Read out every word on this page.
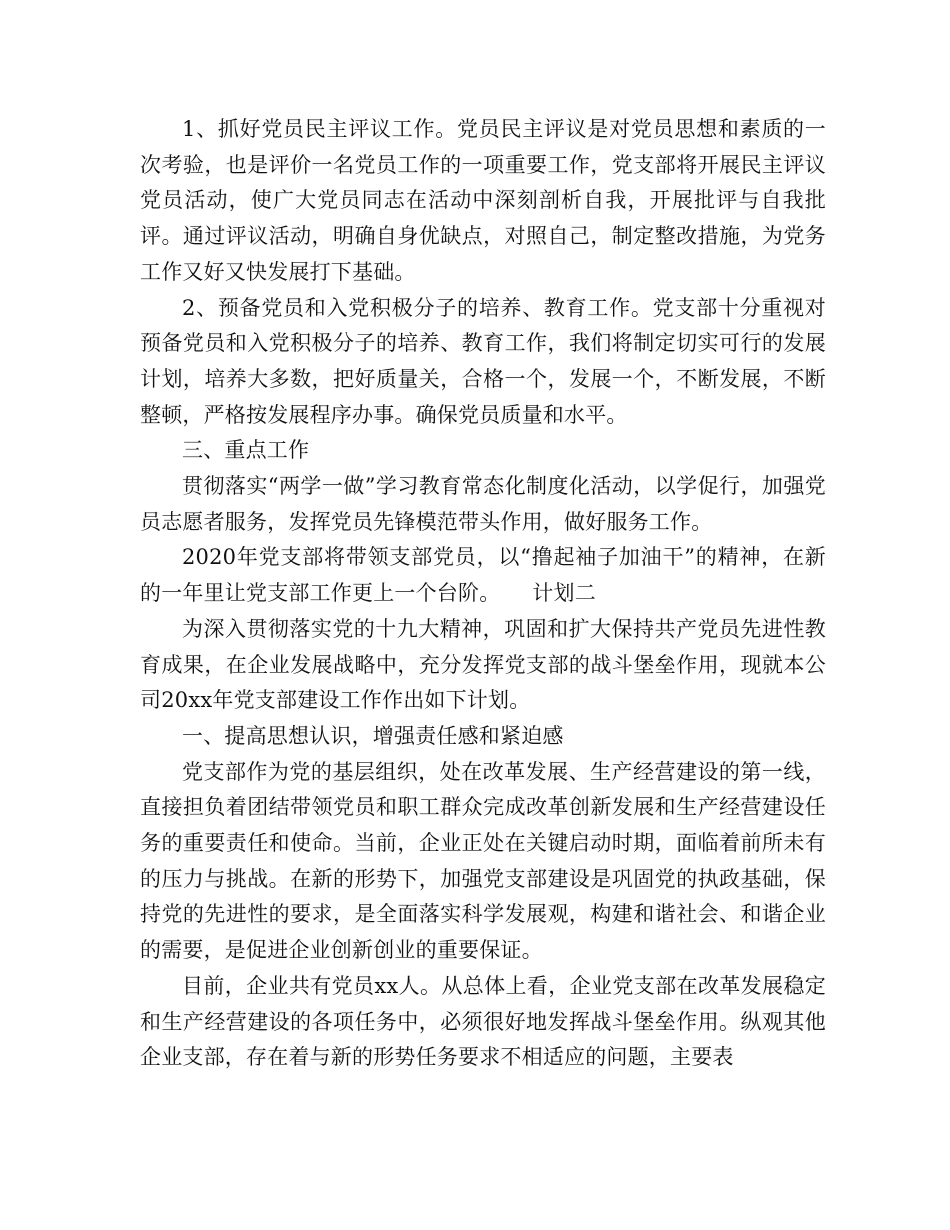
1、抓好党员民主评议工作。党员民主评议是对党员思想和素质的一次考验，也是评价一名党员工作的一项重要工作，党支部将开展民主评议党员活动，使广大党员同志在活动中深刻剖析自我，开展批评与自我批评。通过评议活动，明确自身优缺点，对照自己，制定整改措施，为党务工作又好又快发展打下基础。

2、预备党员和入党积极分子的培养、教育工作。党支部十分重视对预备党员和入党积极分子的培养、教育工作，我们将制定切实可行的发展计划，培养大多数，把好质量关，合格一个，发展一个，不断发展，不断整顿，严格按发展程序办事。确保党员质量和水平。

三、重点工作

贯彻落实“两学一做”学习教育常态化制度化活动，以学促行，加强党员志愿者服务，发挥党员先锋模范带头作用，做好服务工作。

2020年党支部将带领支部党员，以“撸起袖子加油干”的精神，在新的一年里让党支部工作更上一个台阶。　　计划二

为深入贯彻落实党的十九大精神，巩固和扩大保持共产党员先进性教育成果，在企业发展战略中，充分发挥党支部的战斗堡垒作用，现就本公司20xx年党支部建设工作作出如下计划。

一、提高思想认识，增强责任感和紧迫感

党支部作为党的基层组织，处在改革发展、生产经营建设的第一线，直接担负着团结带领党员和职工群众完成改革创新发展和生产经营建设任务的重要责任和使命。当前，企业正处在关键启动时期，面临着前所未有的压力与挑战。在新的形势下，加强党支部建设是巩固党的执政基础，保持党的先进性的要求，是全面落实科学发展观，构建和谐社会、和谐企业的需要，是促进企业创新创业的重要保证。

目前，企业共有党员xx人。从总体上看，企业党支部在改革发展稳定和生产经营建设的各项任务中，必须很好地发挥战斗堡垒作用。纵观其他企业支部，存在着与新的形势任务要求不相适应的问题，主要表
